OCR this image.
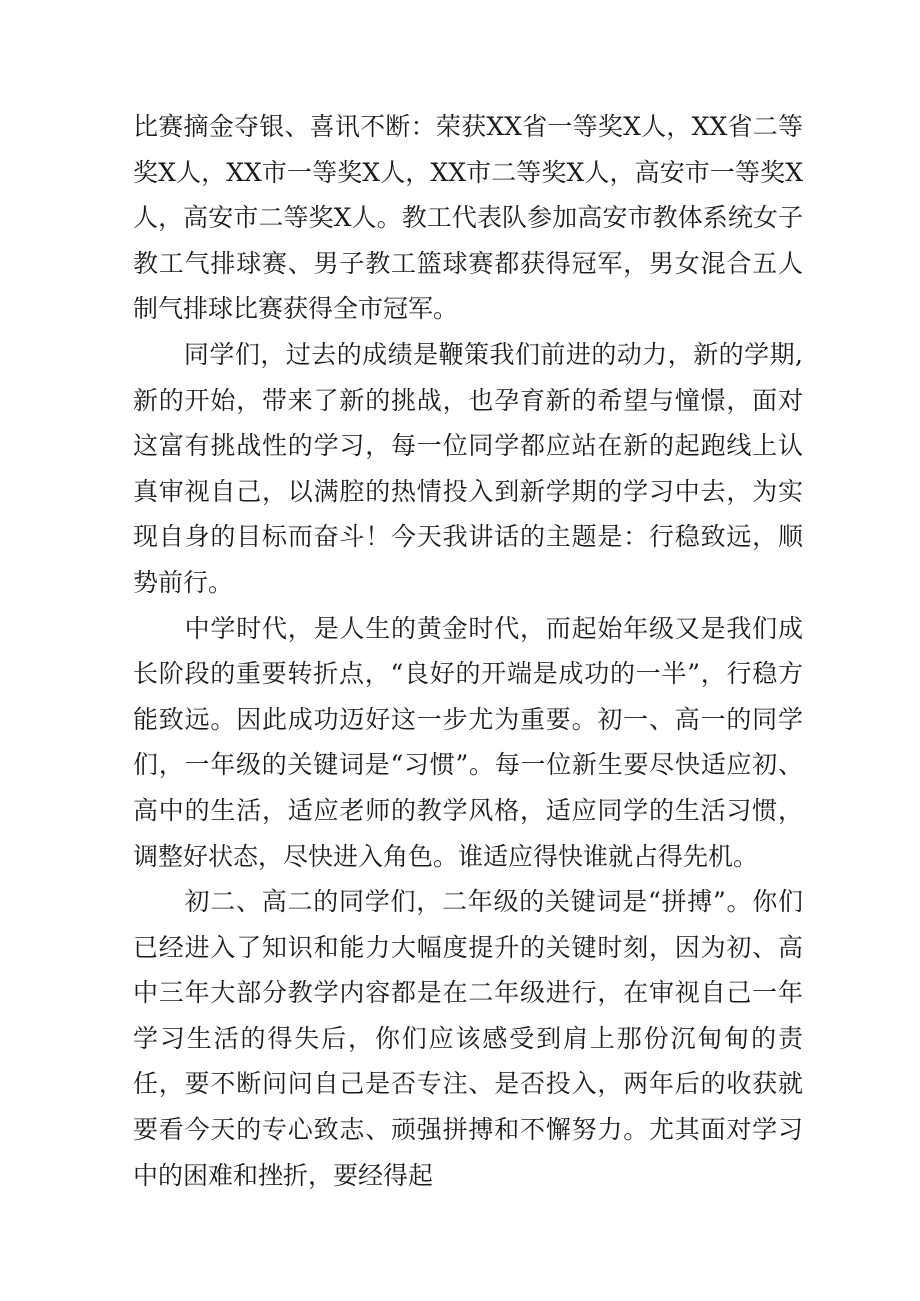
比赛摘金夺银、喜讯不断：荣获XX省一等奖X人，XX省二等奖X人，XX市一等奖X人，XX市二等奖X人，高安市一等奖X人，高安市二等奖X人。教工代表队参加高安市教体系统女子教工气排球赛、男子教工篮球赛都获得冠军，男女混合五人制气排球比赛获得全市冠军。

　　同学们，过去的成绩是鞭策我们前进的动力，新的学期,新的开始，带来了新的挑战，也孕育新的希望与憧憬，面对这富有挑战性的学习，每一位同学都应站在新的起跑线上认真审视自己，以满腔的热情投入到新学期的学习中去，为实现自身的目标而奋斗！今天我讲话的主题是：行稳致远，顺势前行。

　　中学时代，是人生的黄金时代，而起始年级又是我们成长阶段的重要转折点，“良好的开端是成功的一半”，行稳方能致远。因此成功迈好这一步尤为重要。初一、高一的同学们，一年级的关键词是“习惯”。每一位新生要尽快适应初、高中的生活，适应老师的教学风格，适应同学的生活习惯，调整好状态，尽快进入角色。谁适应得快谁就占得先机。

　　初二、高二的同学们，二年级的关键词是“拼搏”。你们已经进入了知识和能力大幅度提升的关键时刻，因为初、高中三年大部分教学内容都是在二年级进行，在审视自己一年学习生活的得失后，你们应该感受到肩上那份沉甸甸的责任，要不断问问自己是否专注、是否投入，两年后的收获就要看今天的专心致志、顽强拼搏和不懈努力。尤其面对学习中的困难和挫折，要经得起
